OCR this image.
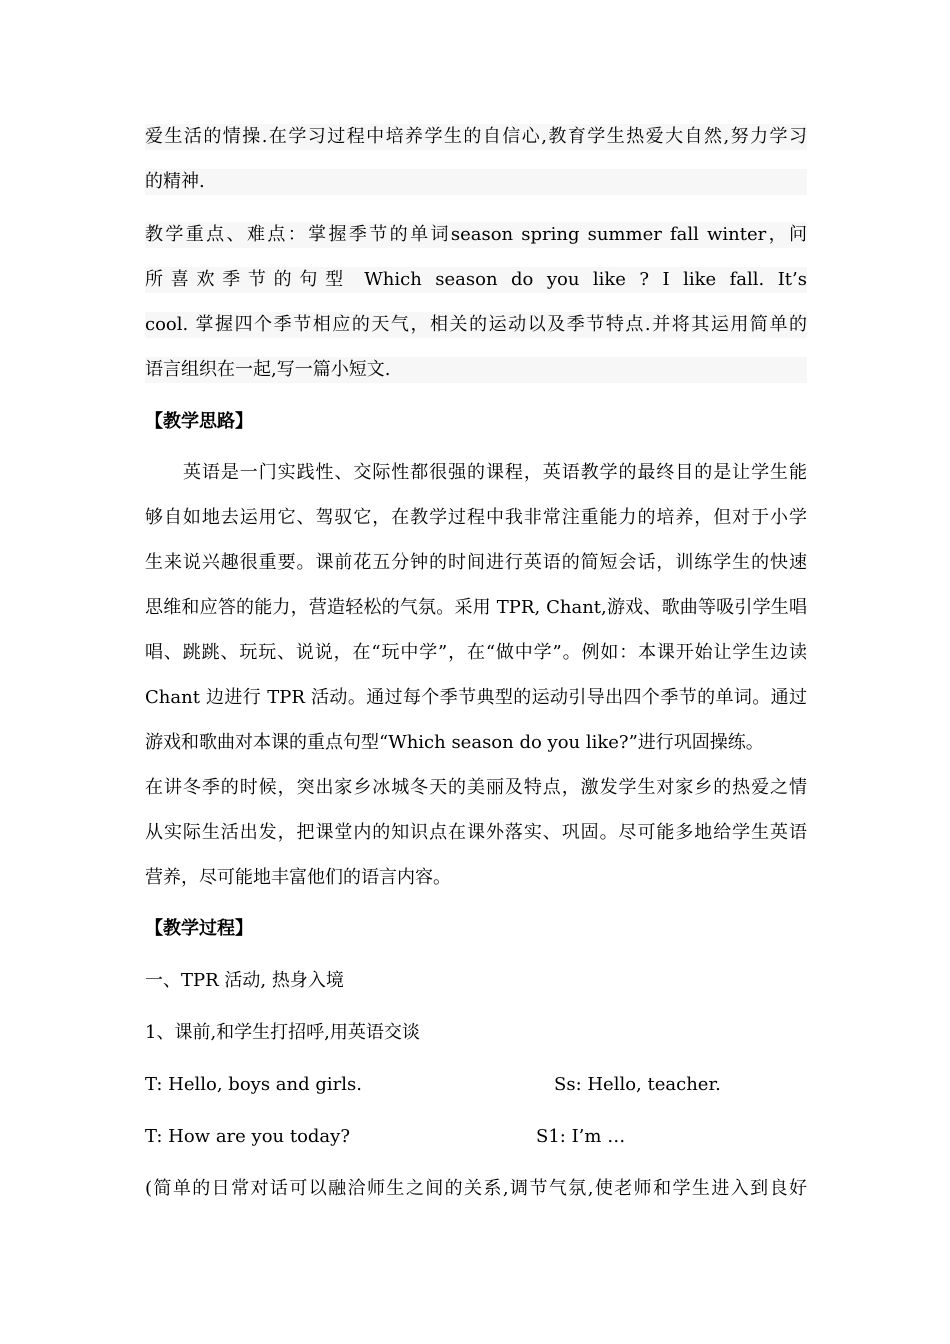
爱生活的情操.在学习过程中培养学生的自信心,教育学生热爱大自然,努力学习
的精神.
教学重点、难点：掌握季节的单词season spring summer fall winter，问
所喜欢季节的句型 Which season do you like ? I like fall. It’s
cool. 掌握四个季节相应的天气，相关的运动以及季节特点.并将其运用简单的
语言组织在一起,写一篇小短文.
【教学思路】
英语是一门实践性、交际性都很强的课程，英语教学的最终目的是让学生能
够自如地去运用它、驾驭它，在教学过程中我非常注重能力的培养，但对于小学
生来说兴趣很重要。课前花五分钟的时间进行英语的简短会话，训练学生的快速
思维和应答的能力，营造轻松的气氛。采用 TPR, Chant,游戏、歌曲等吸引学生唱
唱、跳跳、玩玩、说说，在“玩中学”，在“做中学”。例如：本课开始让学生边读
Chant 边进行 TPR 活动。通过每个季节典型的运动引导出四个季节的单词。通过
游戏和歌曲对本课的重点句型“Which season do you like?”进行巩固操练。
在讲冬季的时候，突出家乡冰城冬天的美丽及特点，激发学生对家乡的热爱之情
从实际生活出发，把课堂内的知识点在课外落实、巩固。尽可能多地给学生英语
营养，尽可能地丰富他们的语言内容。
【教学过程】
一、TPR 活动, 热身入境
1、课前,和学生打招呼,用英语交谈
T: Hello, boys and girls.	Ss: Hello, teacher.
T: How are you today?	S1: I’m …
(简单的日常对话可以融洽师生之间的关系,调节气氛,使老师和学生进入到良好
